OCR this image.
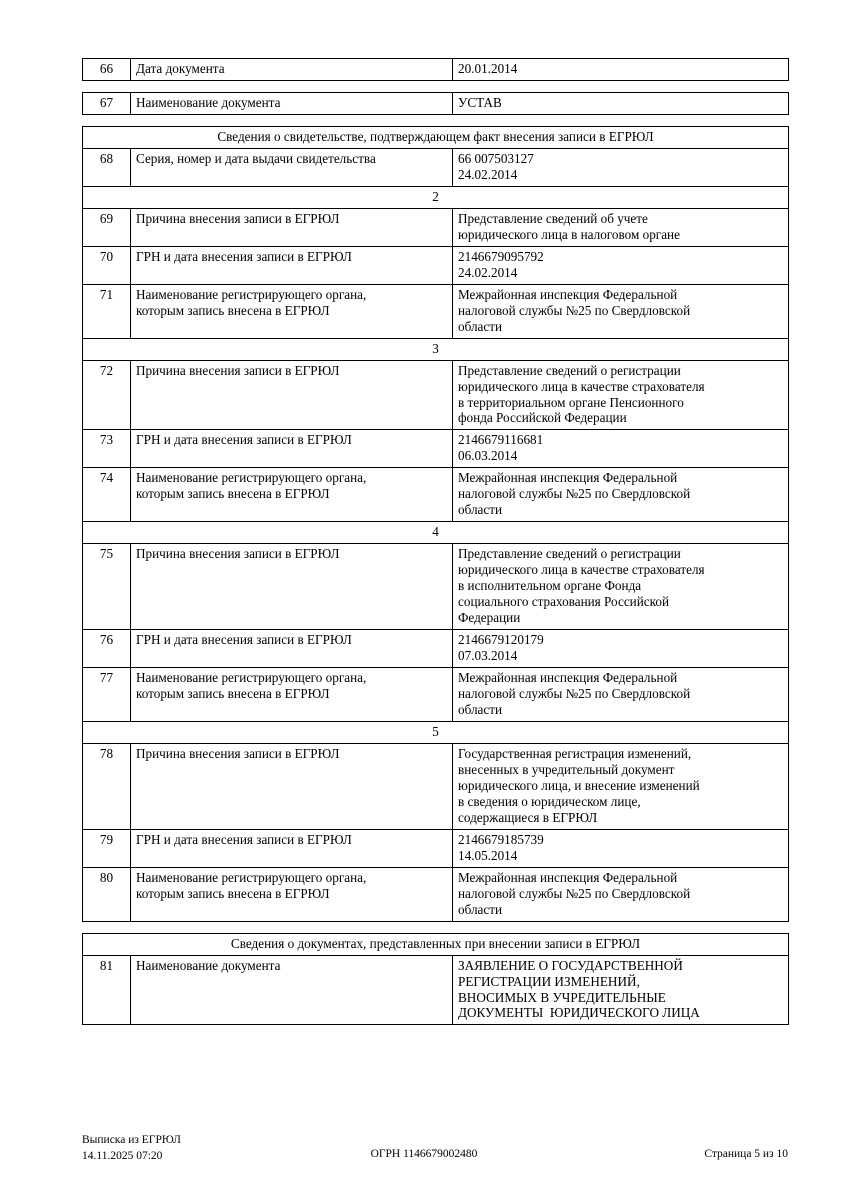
66	Дата документа	20.01.2014

67	Наименование документа	УСТАВ

Сведения о свидетельстве, подтверждающем факт внесения записи в ЕГРЮЛ		
68	Серия, номер и дата выдачи свидетельства	66 007503127
24.02.2014

2		
69	Причина внесения записи в ЕГРЮЛ	Представление сведений об учете
юридического лица в налоговом органе

70	ГРН и дата внесения записи в ЕГРЮЛ	2146679095792
24.02.2014

71	Наименование регистрирующего органа,
которым запись внесена в ЕГРЮЛ	Межрайонная инспекция Федеральной
налоговой службы №25 по Свердловской
области

3		
72	Причина внесения записи в ЕГРЮЛ	Представление сведений о регистрации
юридического лица в качестве страхователя
в территориальном органе Пенсионного
фонда Российской Федерации

73	ГРН и дата внесения записи в ЕГРЮЛ	2146679116681
06.03.2014

74	Наименование регистрирующего органа,
которым запись внесена в ЕГРЮЛ	Межрайонная инспекция Федеральной
налоговой службы №25 по Свердловской
области

4		
75	Причина внесения записи в ЕГРЮЛ	Представление сведений о регистрации
юридического лица в качестве страхователя
в исполнительном органе Фонда
социального страхования Российской
Федерации

76	ГРН и дата внесения записи в ЕГРЮЛ	2146679120179
07.03.2014

77	Наименование регистрирующего органа,
которым запись внесена в ЕГРЮЛ	Межрайонная инспекция Федеральной
налоговой службы №25 по Свердловской
области

5		
78	Причина внесения записи в ЕГРЮЛ	Государственная регистрация изменений,
внесенных в учредительный документ
юридического лица, и внесение изменений
в сведения о юридическом лице,
содержащиеся в ЕГРЮЛ

79	ГРН и дата внесения записи в ЕГРЮЛ	2146679185739
14.05.2014

80	Наименование регистрирующего органа,
которым запись внесена в ЕГРЮЛ	Межрайонная инспекция Федеральной
налоговой службы №25 по Свердловской
области

Сведения о документах, представленных при внесении записи в ЕГРЮЛ		
81	Наименование документа	ЗАЯВЛЕНИЕ О ГОСУДАРСТВЕННОЙ
РЕГИСТРАЦИИ ИЗМЕНЕНИЙ,
ВНОСИМЫХ В УЧРЕДИТЕЛЬНЫЕ
ДОКУМЕНТЫ  ЮРИДИЧЕСКОГО ЛИЦА
Выписка из ЕГРЮЛ
14.11.2025 07:20	ОГРН 1146679002480	Страница 5 из 10
